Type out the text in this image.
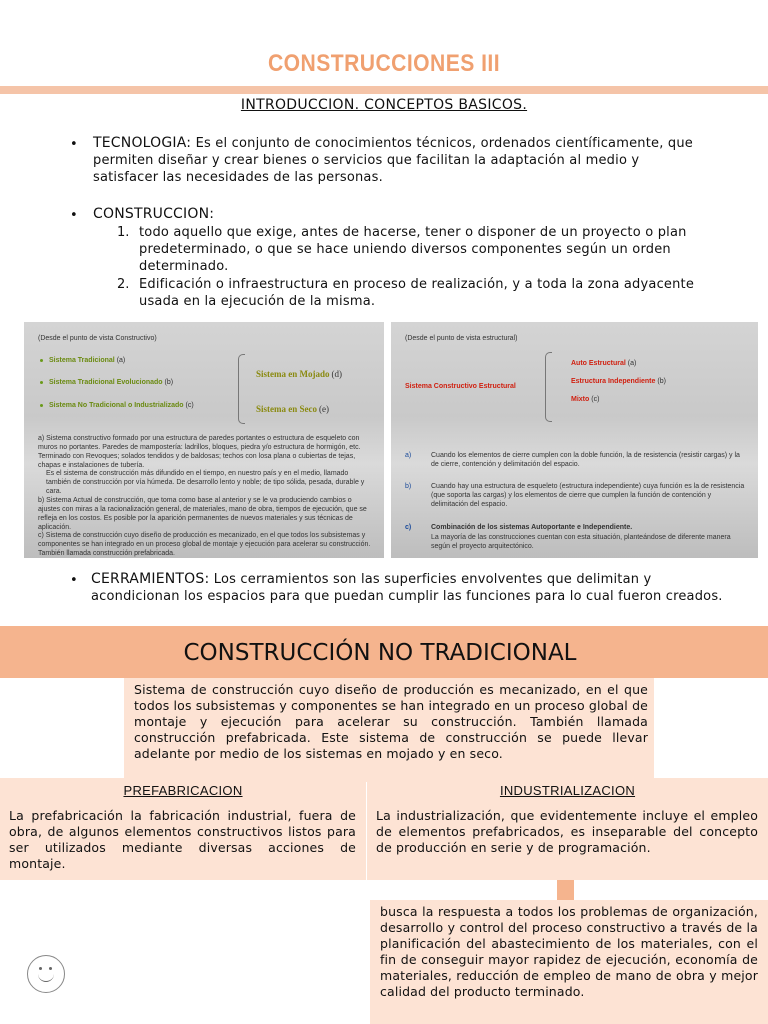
CONSTRUCCIONES III
INTRODUCCION. CONCEPTOS BASICOS.
• TECNOLOGIA: Es el conjunto de conocimientos técnicos, ordenados científicamente, que permiten diseñar y crear bienes o servicios que facilitan la adaptación al medio y satisfacer las necesidades de las personas.
• CONSTRUCCION:
1. todo aquello que exige, antes de hacerse, tener o disponer de un proyecto o plan predeterminado, o que se hace uniendo diversos componentes según un orden determinado.
2. Edificación o infraestructura en proceso de realización, y a toda la zona adyacente usada en la ejecución de la misma.
(Desde el punto de vista Constructivo)
Sistema Tradicional (a)
Sistema Tradicional Evolucionado (b)
Sistema No Tradicional o Industrializado (c)
Sistema en Mojado (d)
Sistema en Seco (e)
a) Sistema constructivo formado por una estructura de paredes portantes o estructura de esqueleto con muros no portantes. Paredes de mampostería: ladrillos, bloques, piedra y/o estructura de hormigón, etc. Terminado con Revoques; solados tendidos y de baldosas; techos con losa plana o cubiertas de tejas, chapas e instalaciones de tubería.
Es el sistema de construcción más difundido en el tiempo, en nuestro país y en el medio, llamado también de construcción por vía húmeda. De desarrollo lento y noble; de tipo sólida, pesada, durable y cara.
b) Sistema Actual de construcción, que toma como base al anterior y se le va produciendo cambios o ajustes con miras a la racionalización general, de materiales, mano de obra, tiempos de ejecución, que se refleja en los costos. Es posible por la aparición permanentes de nuevos materiales y sus técnicas de aplicación.
c) Sistema de construcción cuyo diseño de producción es mecanizado, en el que todos los subsistemas y componentes se han integrado en un proceso global de montaje y ejecución para acelerar su construcción. También llamada construcción prefabricada.
(Desde el punto de vista estructural)
Sistema Constructivo Estructural
Auto Estructural (a)
Estructura Independiente (b)
Mixto (c)
a)	Cuando los elementos de cierre cumplen con la doble función, la de resistencia (resistir cargas) y la de cierre, contención y delimitación del espacio.
b)	Cuando hay una estructura de esqueleto (estructura independiente) cuya función es la de resistencia (que soporta las cargas) y los elementos de cierre que cumplen la función de contención y delimitación del espacio.
c)	Combinación de los sistemas Autoportante e Independiente.
La mayoría de las construcciones cuentan con esta situación, planteándose de diferente manera según el proyecto arquitectónico.
• CERRAMIENTOS: Los cerramientos son las superficies envolventes que delimitan y acondicionan los espacios para que puedan cumplir las funciones para lo cual fueron creados.
CONSTRUCCIÓN NO TRADICIONAL
Sistema de construcción cuyo diseño de producción es mecanizado, en el que todos los subsistemas y componentes se han integrado en un proceso global de montaje y ejecución para acelerar su construcción. También llamada construcción prefabricada. Este sistema de construcción se puede llevar adelante por medio de los sistemas en mojado y en seco.
PREFABRICACION	INDUSTRIALIZACION
La prefabricación la fabricación industrial, fuera de obra, de algunos elementos constructivos listos para ser utilizados mediante diversas acciones de montaje.
La industrialización, que evidentemente incluye el empleo de elementos prefabricados, es inseparable del concepto de producción en serie y de programación.
busca la respuesta a todos los problemas de organización, desarrollo y control del proceso constructivo a través de la planificación del abastecimiento de los materiales, con el fin de conseguir mayor rapidez de ejecución, economía de materiales, reducción de empleo de mano de obra y mejor calidad del producto terminado.
